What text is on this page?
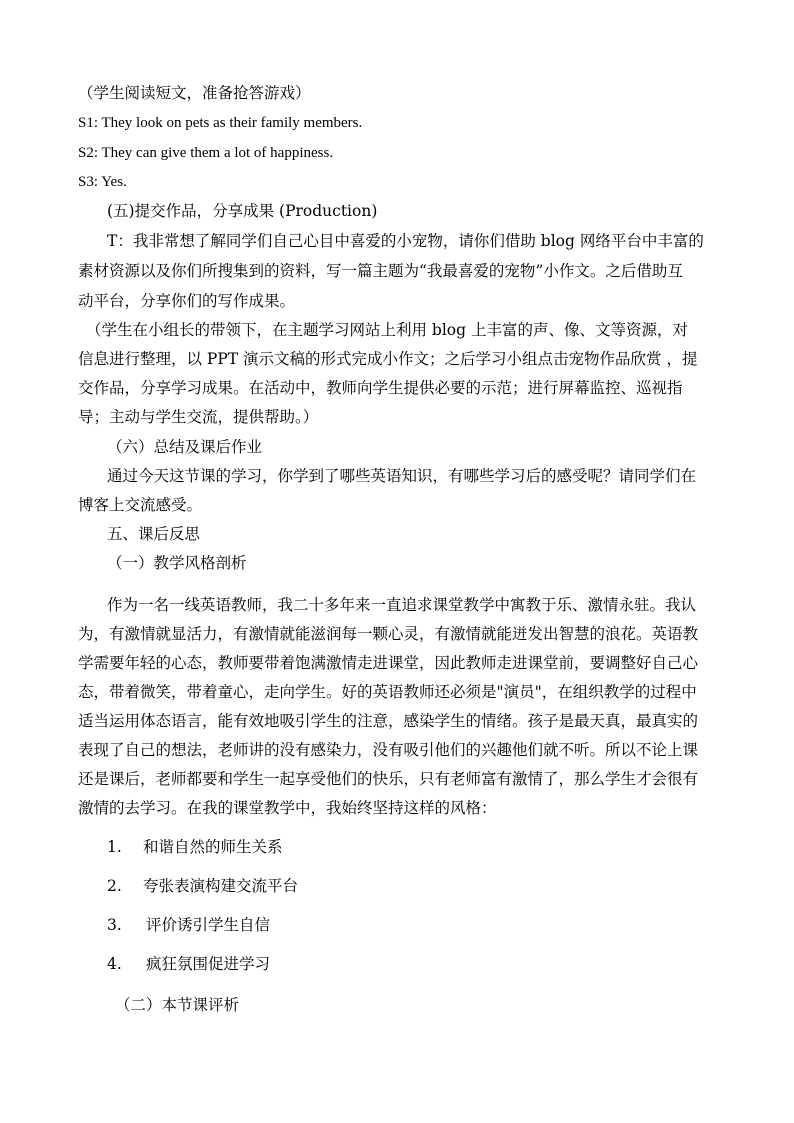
（学生阅读短文，准备抢答游戏）
S1: They look on pets as their family members.
S2: They can give them a lot of happiness.
S3: Yes.
(五)提交作品，分享成果 (Production)
T：我非常想了解同学们自己心目中喜爱的小宠物，请你们借助 blog 网络平台中丰富的
素材资源以及你们所搜集到的资料，写一篇主题为“我最喜爱的宠物”小作文。之后借助互
动平台，分享你们的写作成果。
（学生在小组长的带领下，在主题学习网站上利用 blog 上丰富的声、像、文等资源，对
信息进行整理，以 PPT 演示文稿的形式完成小作文；之后学习小组点击宠物作品欣赏 ，提
交作品，分享学习成果。在活动中，教师向学生提供必要的示范；进行屏幕监控、巡视指
导；主动与学生交流，提供帮助。）
（六）总结及课后作业
通过今天这节课的学习，你学到了哪些英语知识，有哪些学习后的感受呢？请同学们在
博客上交流感受。
五、课后反思
（一）教学风格剖析
作为一名一线英语教师，我二十多年来一直追求课堂教学中寓教于乐、激情永驻。我认
为，有激情就显活力，有激情就能滋润每一颗心灵，有激情就能迸发出智慧的浪花。英语教
学需要年轻的心态，教师要带着饱满激情走进课堂，因此教师走进课堂前，要调整好自己心
态，带着微笑，带着童心，走向学生。好的英语教师还必须是"演员"，在组织教学的过程中
适当运用体态语言，能有效地吸引学生的注意，感染学生的情绪。孩子是最天真，最真实的
表现了自己的想法，老师讲的没有感染力，没有吸引他们的兴趣他们就不听。所以不论上课
还是课后，老师都要和学生一起享受他们的快乐，只有老师富有激情了，那么学生才会很有
激情的去学习。在我的课堂教学中，我始终坚持这样的风格：
1. 和谐自然的师生关系
2. 夸张表演构建交流平台
3. 评价诱引学生自信
4. 疯狂氛围促进学习
（二）本节课评析
